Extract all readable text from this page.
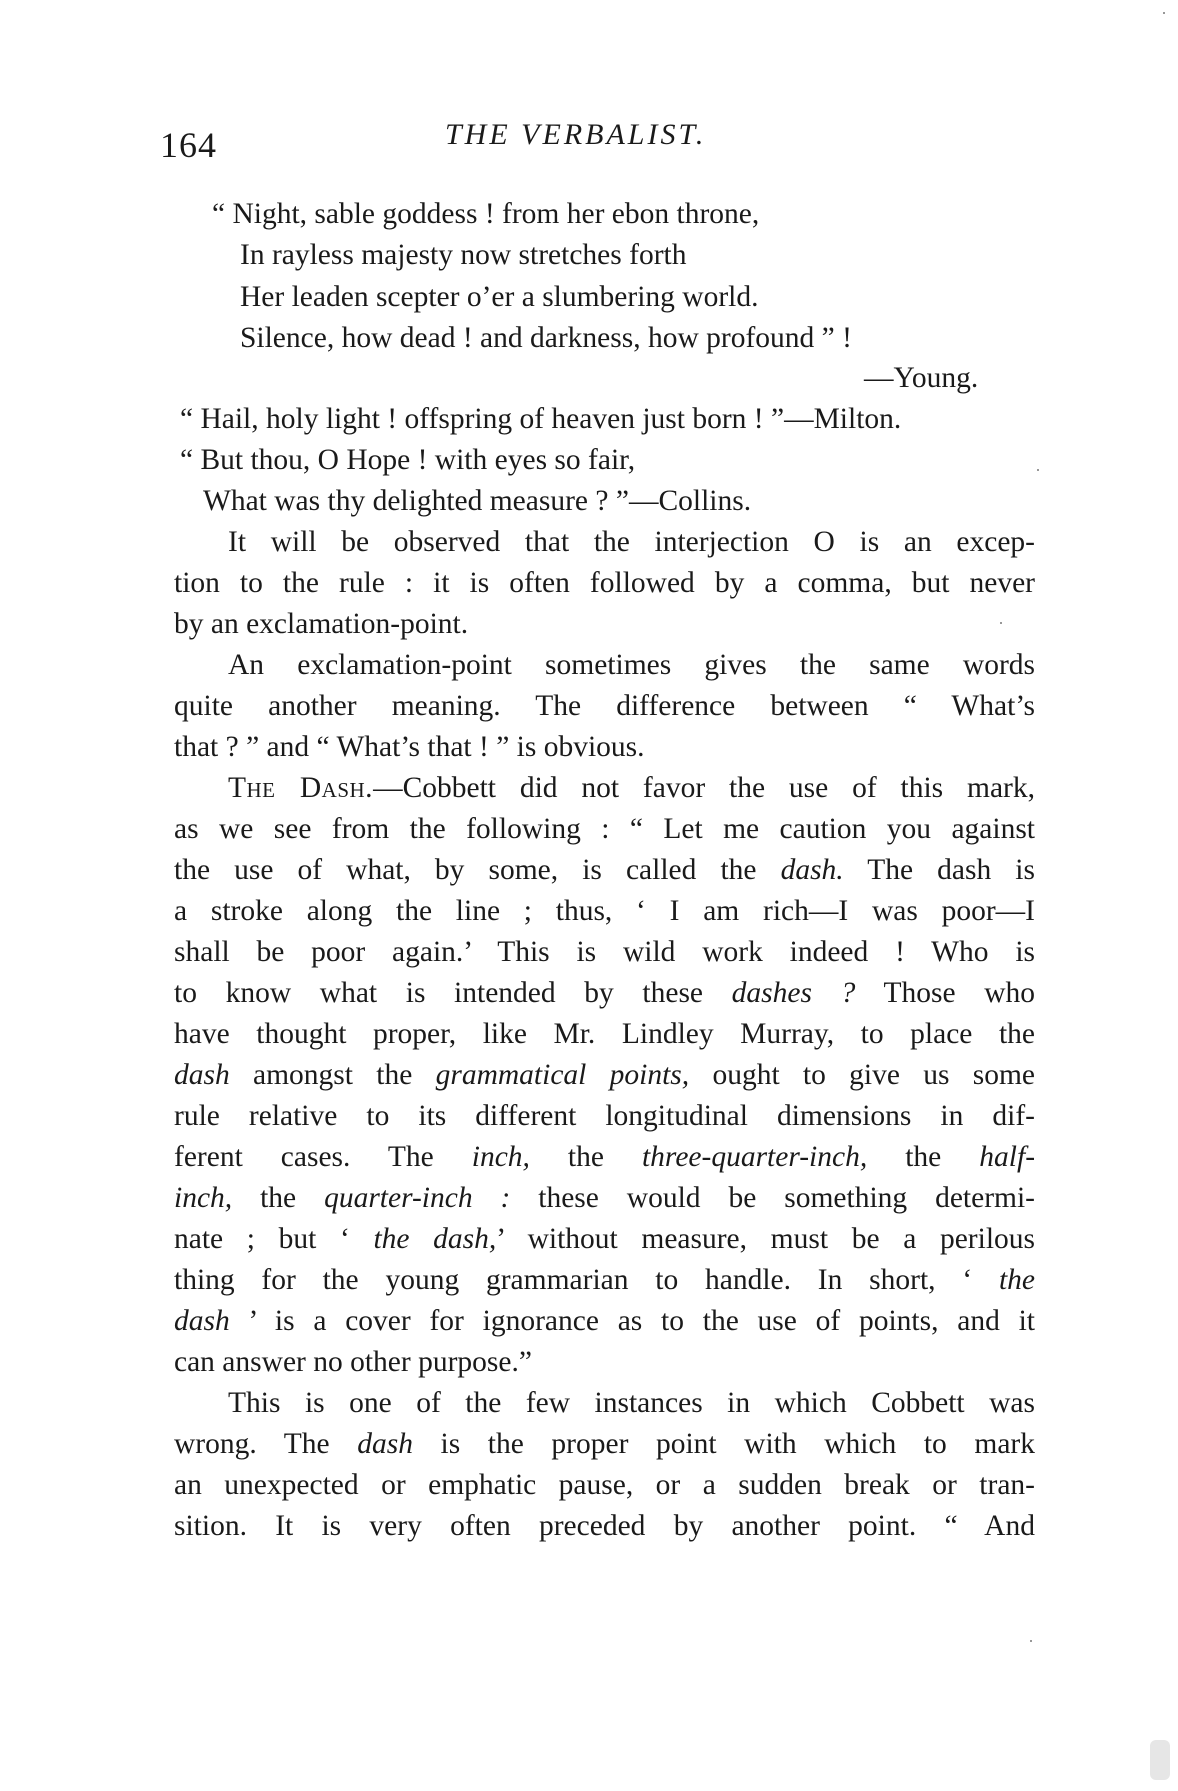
164	THE VERBALIST.
“ Night, sable goddess ! from her ebon throne,
In rayless majesty now stretches forth
Her leaden scepter o’er a slumbering world.
Silence, how dead ! and darkness, how profound ” !
—Young.
“ Hail, holy light ! offspring of heaven just born ! ”—Milton.
“ But thou, O Hope ! with eyes so fair,
What was thy delighted measure ? ”—Collins.
It will be observed that the interjection O is an excep-
tion to the rule : it is often followed by a comma, but never
by an exclamation-point.
An exclamation-point sometimes gives the same words
quite another meaning. The difference between “ What’s
that ? ” and “ What’s that ! ” is obvious.
The Dash.—Cobbett did not favor the use of this mark,
as we see from the following : “ Let me caution you against
the use of what, by some, is called the dash. The dash is
a stroke along the line ; thus, ‘ I am rich—I was poor—I
shall be poor again.’ This is wild work indeed ! Who is
to know what is intended by these dashes ? Those who
have thought proper, like Mr. Lindley Murray, to place the
dash amongst the grammatical points, ought to give us some
rule relative to its different longitudinal dimensions in dif-
ferent cases. The inch, the three-quarter-inch, the half-
inch, the quarter-inch : these would be something determi-
nate ; but ‘ the dash,’ without measure, must be a perilous
thing for the young grammarian to handle. In short, ‘ the
dash ’ is a cover for ignorance as to the use of points, and it
can answer no other purpose.”
This is one of the few instances in which Cobbett was
wrong. The dash is the proper point with which to mark
an unexpected or emphatic pause, or a sudden break or tran-
sition. It is very often preceded by another point. “ And
